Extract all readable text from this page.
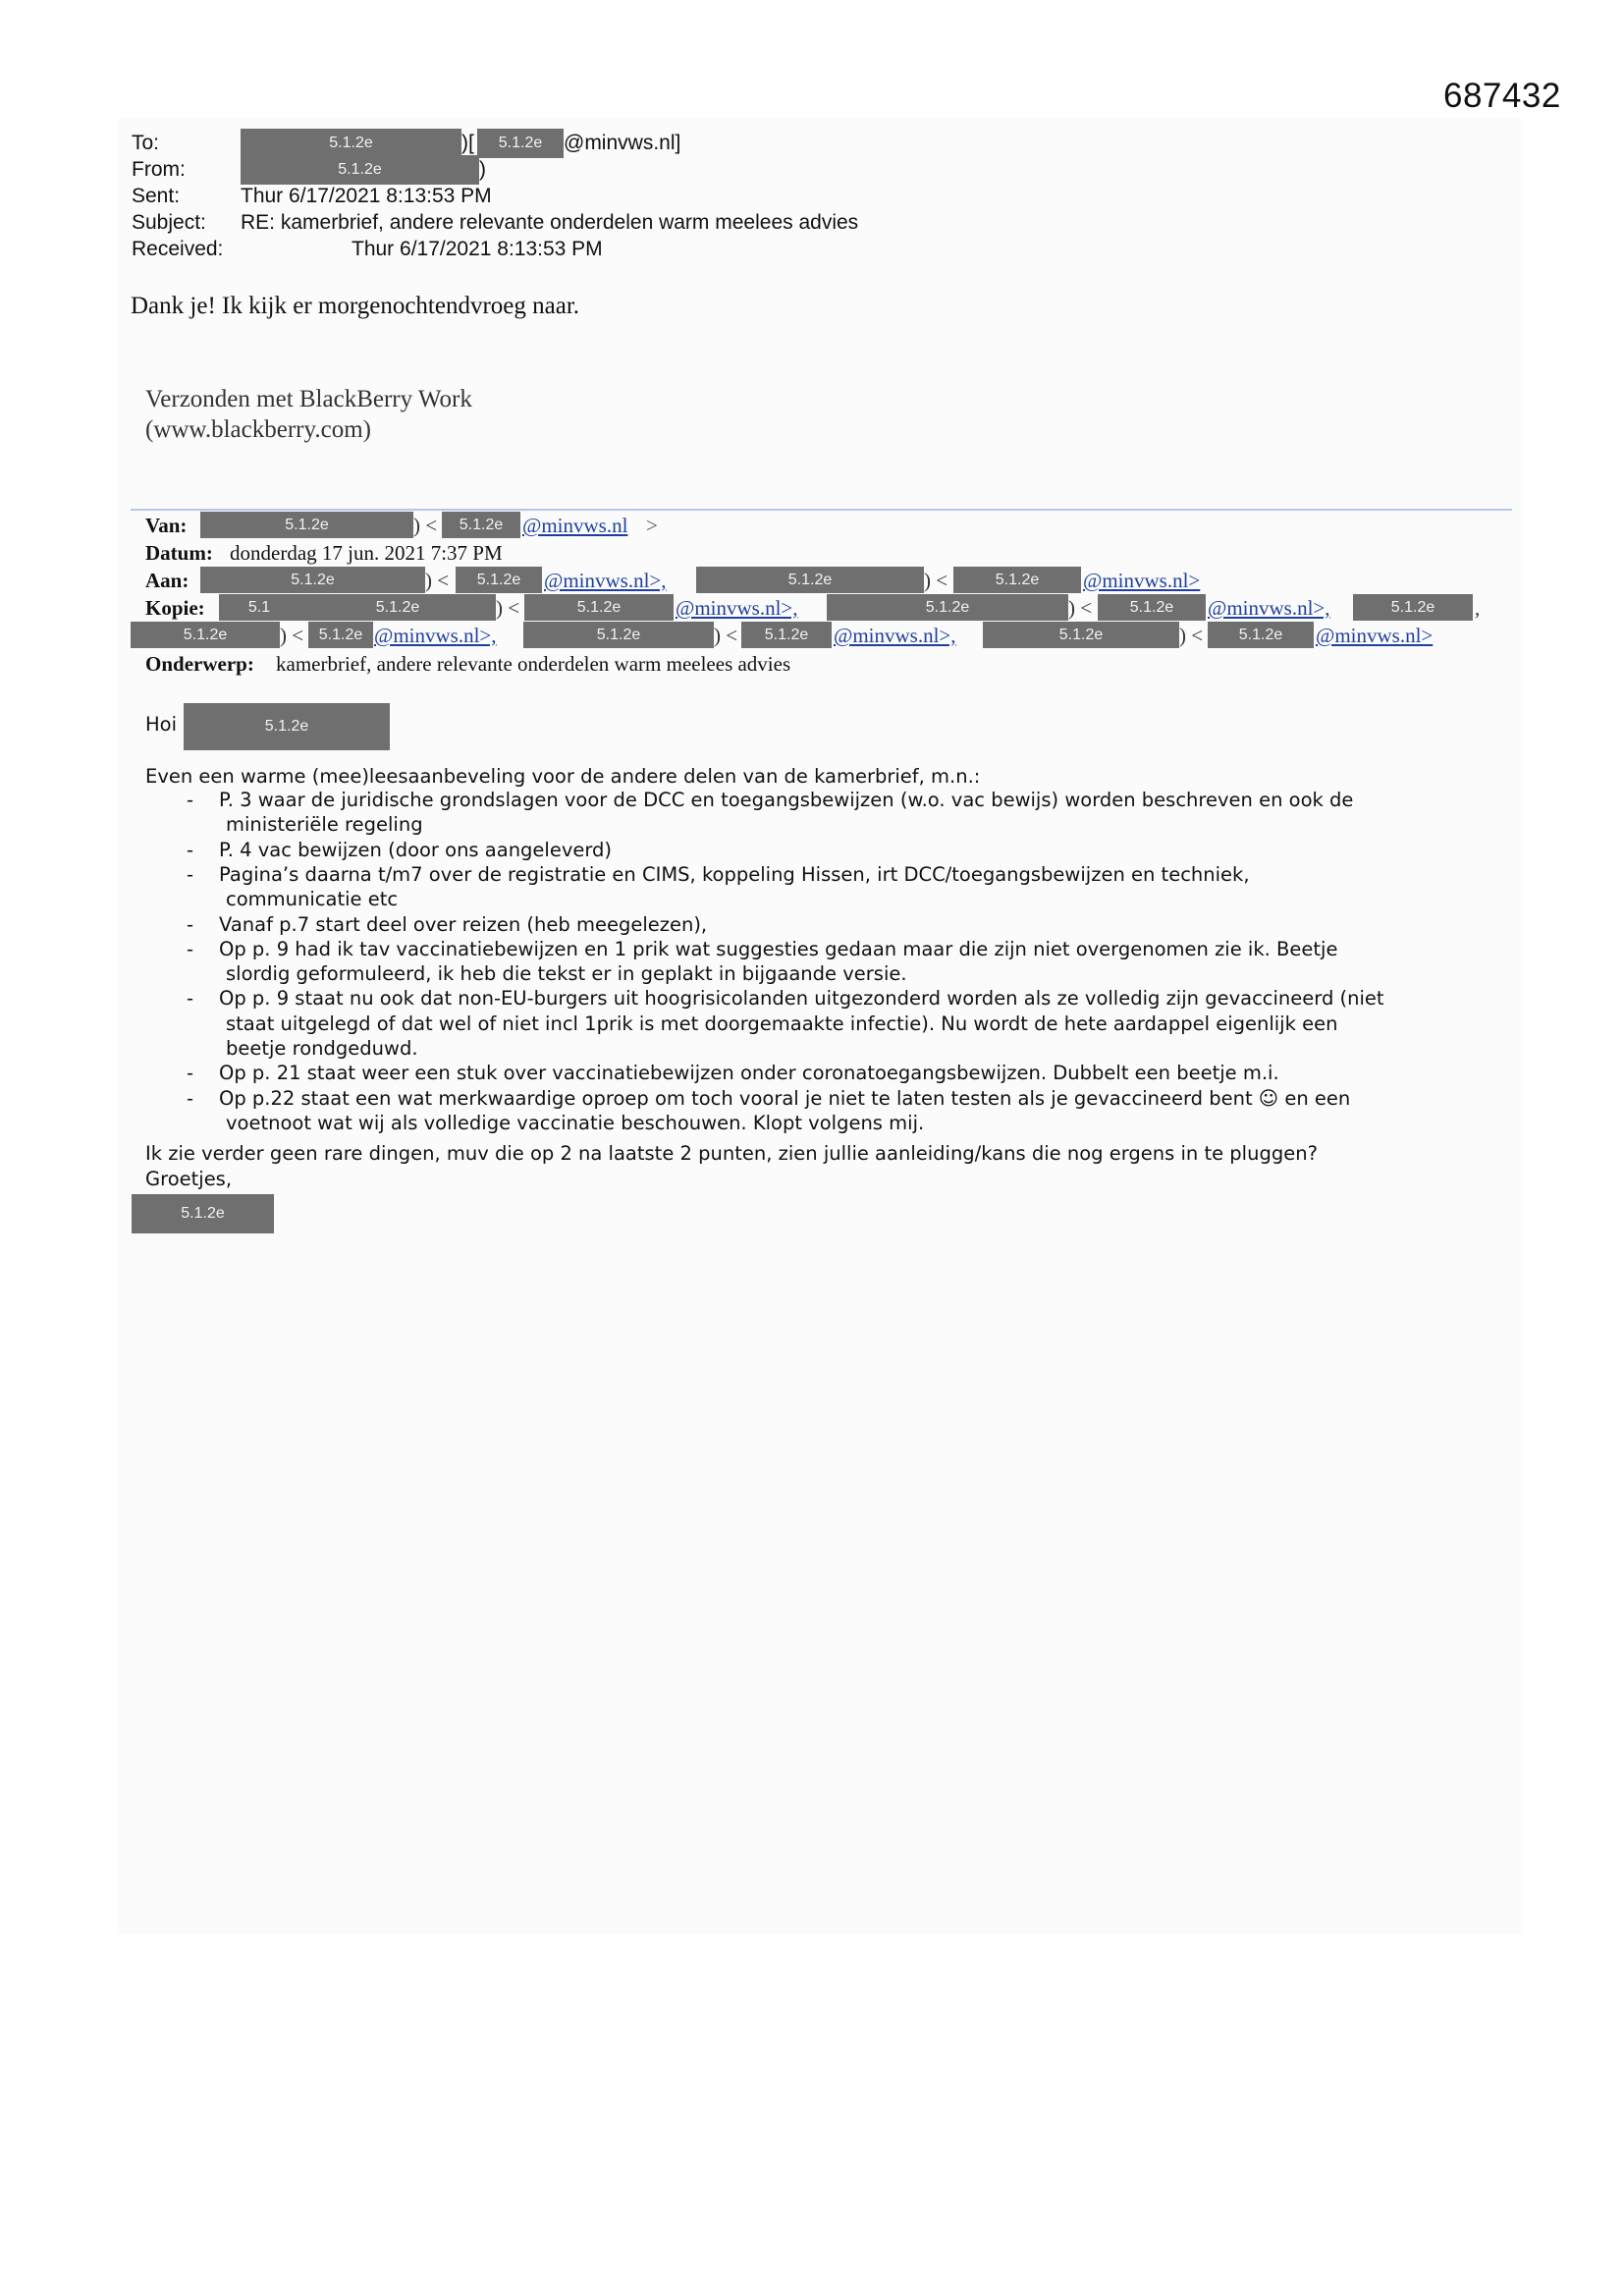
687432
To:	5.1.2e	)[	5.1.2e	@minvws.nl]
From:	5.1.2e	)
Sent:	Thur 6/17/2021 8:13:53 PM
Subject: RE: kamerbrief, andere relevante onderdelen warm meelees advies
Received:	Thur 6/17/2021 8:13:53 PM
Dank je! Ik kijk er morgenochtendvroeg naar.
Verzonden met BlackBerry Work
(www.blackberry.com)
Van:	5.1.2e	) <	5.1.2e @minvws.nl >
Datum: donderdag 17 jun. 2021 7:37 PM
Aan:	5.1.2e	) <	5.1.2e	@minvws.nl>,	5.1.2e	) <	5.1.2e	@minvws.nl>
Kopie:	5.1	5.1.2e	) <	5.1.2e	@minvws.nl>,	5.1.2e	) <	5.1.2e	@minvws.nl>,	5.1.2e	,
5.1.2e	) < 5.1.2e @minvws.nl>,	5.1.2e	) <	5.1.2e	@minvws.nl>,	5.1.2e	) <	5.1.2e	@minvws.nl>
Onderwerp: kamerbrief, andere relevante onderdelen warm meelees advies
Hoi	5.1.2e
Even een warme (mee)leesaanbeveling voor de andere delen van de kamerbrief, m.n.:
- P. 3 waar de juridische grondslagen voor de DCC en toegangsbewijzen (w.o. vac bewijs) worden beschreven en ook de
ministeriële regeling
- P. 4 vac bewijzen (door ons aangeleverd)
- Pagina’s daarna t/m7 over de registratie en CIMS, koppeling Hissen, irt DCC/toegangsbewijzen en techniek,
communicatie etc
- Vanaf p.7 start deel over reizen (heb meegelezen),
- Op p. 9 had ik tav vaccinatiebewijzen en 1 prik wat suggesties gedaan maar die zijn niet overgenomen zie ik. Beetje
slordig geformuleerd, ik heb die tekst er in geplakt in bijgaande versie.
- Op p. 9 staat nu ook dat non-EU-burgers uit hoogrisicolanden uitgezonderd worden als ze volledig zijn gevaccineerd (niet
staat uitgelegd of dat wel of niet incl 1prik is met doorgemaakte infectie). Nu wordt de hete aardappel eigenlijk een
beetje rondgeduwd.
- Op p. 21 staat weer een stuk over vaccinatiebewijzen onder coronatoegangsbewijzen. Dubbelt een beetje m.i.
- Op p.22 staat een wat merkwaardige oproep om toch vooral je niet te laten testen als je gevaccineerd bent ☺ en een
voetnoot wat wij als volledige vaccinatie beschouwen. Klopt volgens mij.
Ik zie verder geen rare dingen, muv die op 2 na laatste 2 punten, zien jullie aanleiding/kans die nog ergens in te pluggen?
Groetjes,
5.1.2e
